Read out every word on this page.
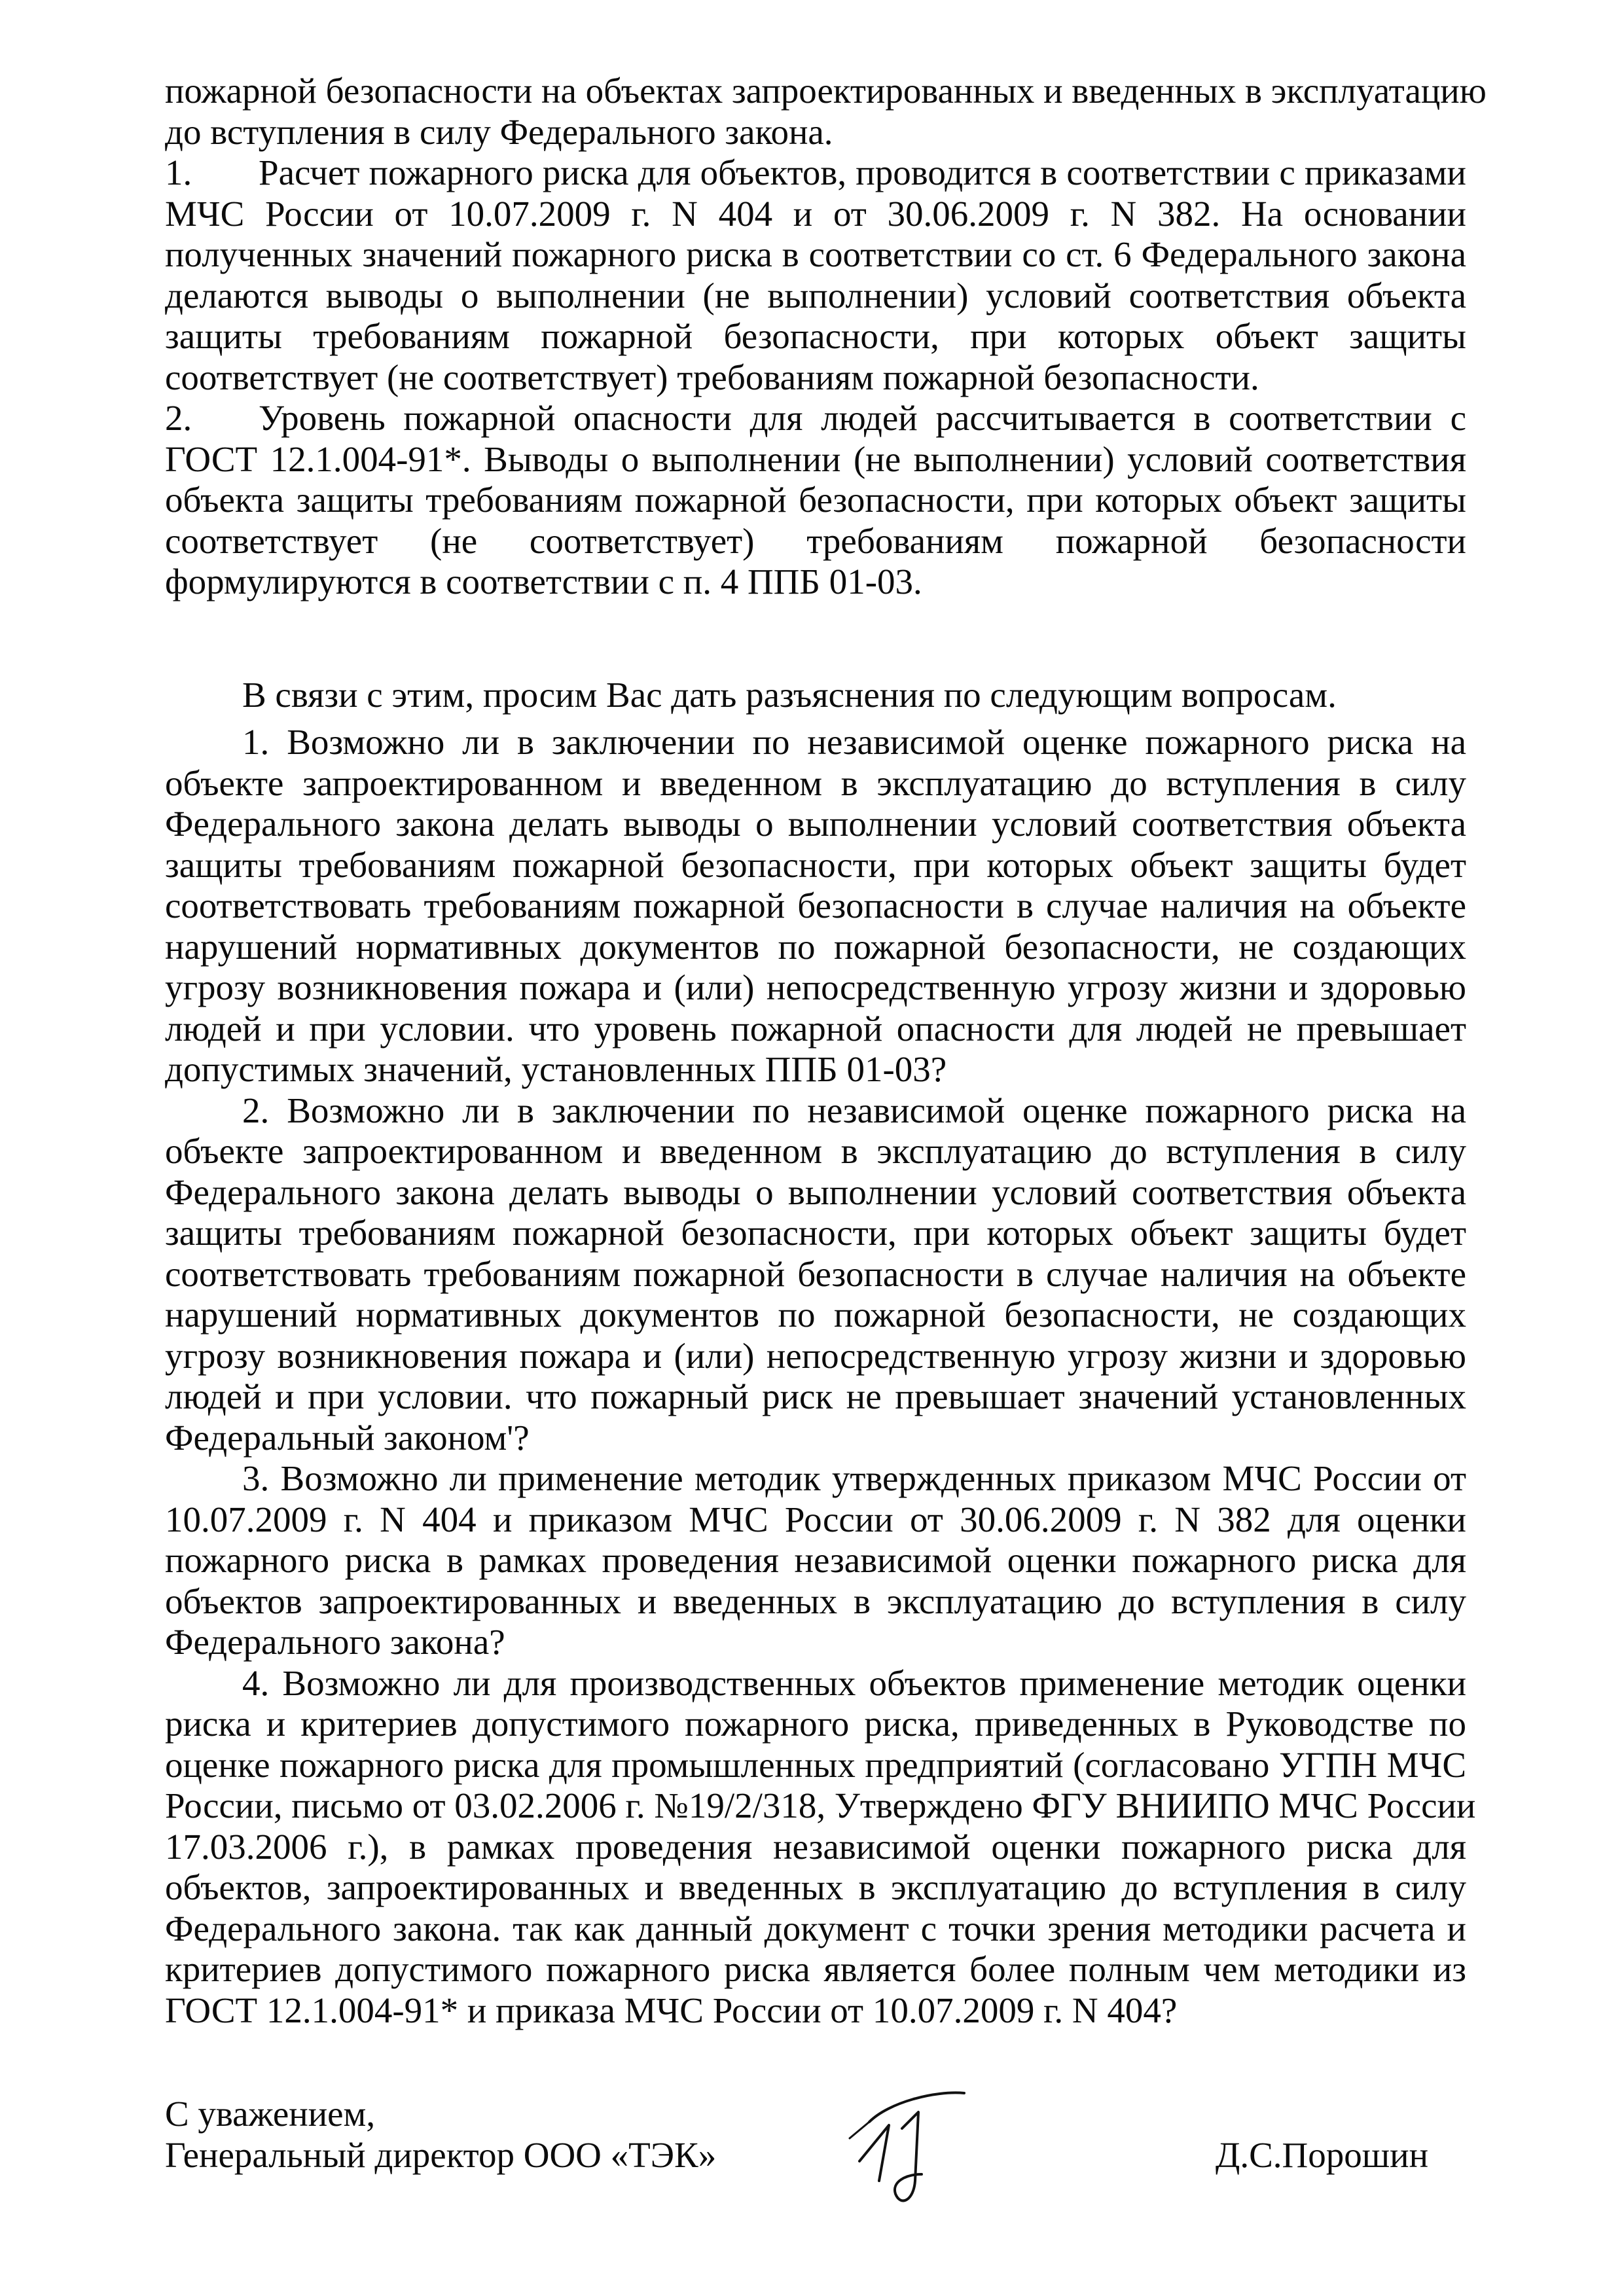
пожарной безопасности на объектах запроектированных и введенных в эксплуатацию
до вступления в силу Федерального закона.
1. Расчет пожарного риска для объектов, проводится в соответствии с приказами
МЧС России от 10.07.2009 г. N 404 и от 30.06.2009 г. N 382. На основании
полученных значений пожарного риска в соответствии со ст. 6 Федерального закона
делаются выводы о выполнении (не выполнении) условий соответствия объекта
защиты требованиям пожарной безопасности, при которых объект защиты
соответствует (не соответствует) требованиям пожарной безопасности.
2. Уровень пожарной опасности для людей рассчитывается в соответствии с
ГОСТ 12.1.004-91*. Выводы о выполнении (не выполнении) условий соответствия
объекта защиты требованиям пожарной безопасности, при которых объект защиты
соответствует (не соответствует) требованиям пожарной безопасности
формулируются в соответствии с п. 4 ППБ 01-03.
В связи с этим, просим Вас дать разъяснения по следующим вопросам.
1. Возможно ли в заключении по независимой оценке пожарного риска на
объекте запроектированном и введенном в эксплуатацию до вступления в силу
Федерального закона делать выводы о выполнении условий соответствия объекта
защиты требованиям пожарной безопасности, при которых объект защиты будет
соответствовать требованиям пожарной безопасности в случае наличия на объекте
нарушений нормативных документов по пожарной безопасности, не создающих
угрозу возникновения пожара и (или) непосредственную угрозу жизни и здоровью
людей и при условии. что уровень пожарной опасности для людей не превышает
допустимых значений, установленных ППБ 01-03?
2. Возможно ли в заключении по независимой оценке пожарного риска на
объекте запроектированном и введенном в эксплуатацию до вступления в силу
Федерального закона делать выводы о выполнении условий соответствия объекта
защиты требованиям пожарной безопасности, при которых объект защиты будет
соответствовать требованиям пожарной безопасности в случае наличия на объекте
нарушений нормативных документов по пожарной безопасности, не создающих
угрозу возникновения пожара и (или) непосредственную угрозу жизни и здоровью
людей и при условии. что пожарный риск не превышает значений установленных
Федеральный законом'?
3. Возможно ли применение методик утвержденных приказом МЧС России от
10.07.2009 г. N 404 и приказом МЧС России от 30.06.2009 г. N 382 для оценки
пожарного риска в рамках проведения независимой оценки пожарного риска для
объектов запроектированных и введенных в эксплуатацию до вступления в силу
Федерального закона?
4. Возможно ли для производственных объектов применение методик оценки
риска и критериев допустимого пожарного риска, приведенных в Руководстве по
оценке пожарного риска для промышленных предприятий (согласовано УГПН МЧС
России, письмо от 03.02.2006 г. №19/2/318, Утверждено ФГУ ВНИИПО МЧС России
17.03.2006 г.), в рамках проведения независимой оценки пожарного риска для
объектов, запроектированных и введенных в эксплуатацию до вступления в силу
Федерального закона. так как данный документ с точки зрения методики расчета и
критериев допустимого пожарного риска является более полным чем методики из
ГОСТ 12.1.004-91* и приказа МЧС России от 10.07.2009 г. N 404?
С уважением,
Генеральный директор ООО «ТЭК»	Д.С.Порошин
